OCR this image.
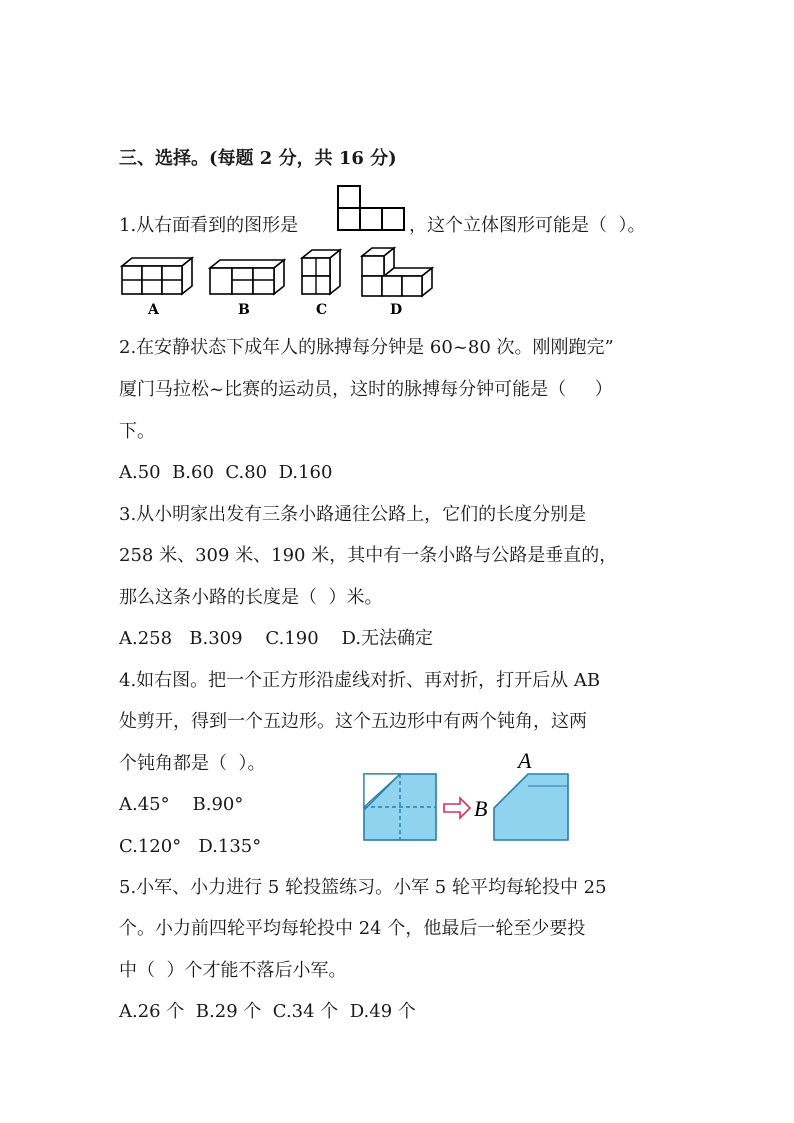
三、选择。(每题 2 分，共 16 分)
1.从右面看到的图形是	，这个立体图形可能是（  ）。
A	B	C	D
2.在安静状态下成年人的脉搏每分钟是 60~80 次。刚刚跑完”
厦门马拉松~比赛的运动员，这时的脉搏每分钟可能是（     ）
下。
A.50  B.60  C.80  D.160
3.从小明家出发有三条小路通往公路上，它们的长度分别是
258 米、309 米、190 米，其中有一条小路与公路是垂直的，
那么这条小路的长度是（  ）米。
A.258   B.309    C.190    D.无法确定
4.如右图。把一个正方形沿虚线对折、再对折，打开后从 AB
处剪开，得到一个五边形。这个五边形中有两个钝角，这两
个钝角都是（  ）。
A.45°    B.90°
C.120°   D.135°
A
B
5.小军、小力进行 5 轮投篮练习。小军 5 轮平均每轮投中 25
个。小力前四轮平均每轮投中 24 个，他最后一轮至少要投
中（  ）个才能不落后小军。
A.26 个  B.29 个  C.34 个  D.49 个
